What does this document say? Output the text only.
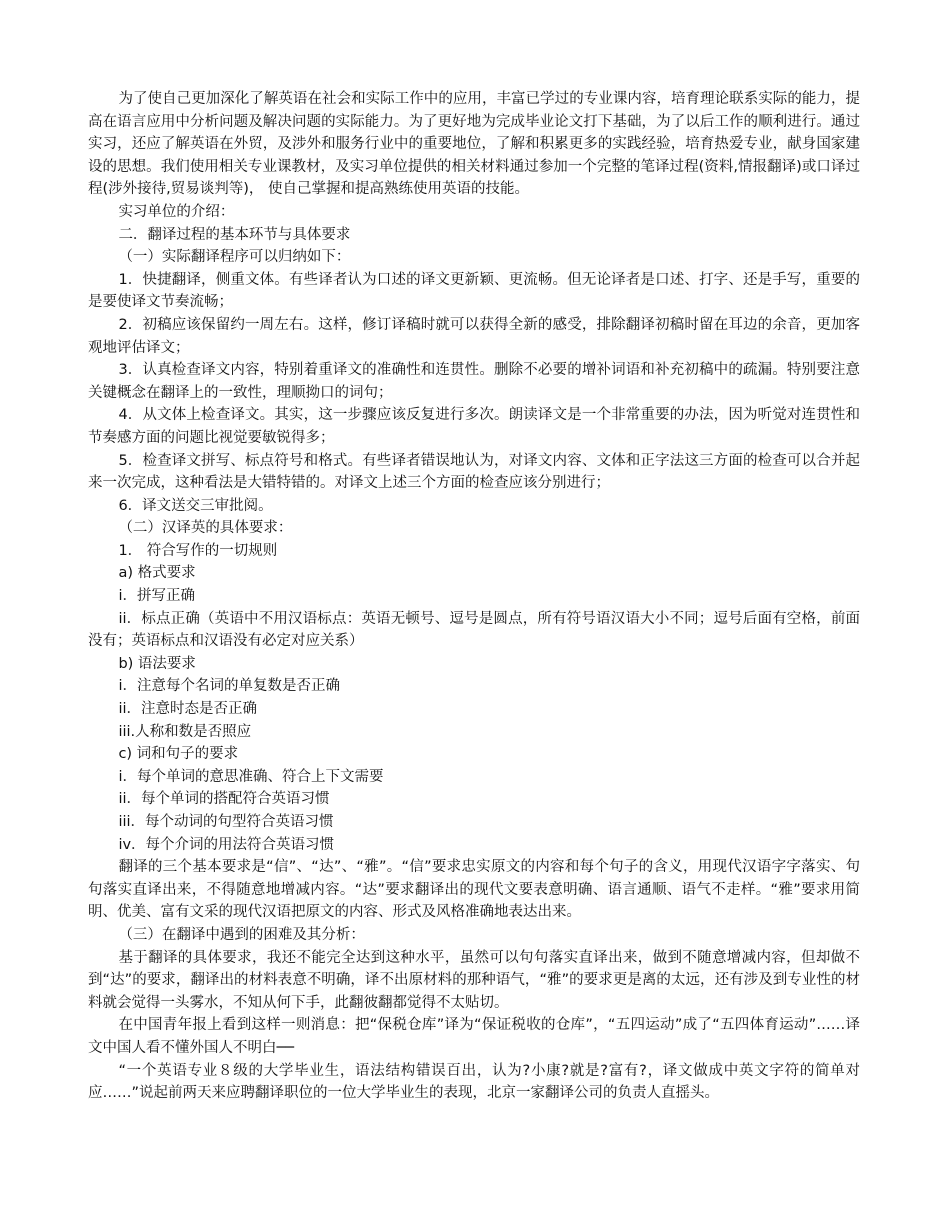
为了使自己更加深化了解英语在社会和实际工作中的应用，丰富已学过的专业课内容，培育理论联系实际的能力，提高在语言应用中分析问题及解决问题的实际能力。为了更好地为完成毕业论文打下基础，为了以后工作的顺利进行。通过实习，还应了解英语在外贸，及涉外和服务行业中的重要地位，了解和积累更多的实践经验，培育热爱专业，献身国家建设的思想。我们使用相关专业课教材，及实习单位提供的相关材料通过参加一个完整的笔译过程(资料,情报翻译)或口译过程(涉外接待,贸易谈判等)， 使自己掌握和提高熟练使用英语的技能。

实习单位的介绍：

二．翻译过程的基本环节与具体要求

（一）实际翻译程序可以归纳如下：

1．快捷翻译，侧重文体。有些译者认为口述的译文更新颖、更流畅。但无论译者是口述、打字、还是手写，重要的是要使译文节奏流畅；

2．初稿应该保留约一周左右。这样，修订译稿时就可以获得全新的感受，排除翻译初稿时留在耳边的余音，更加客观地评估译文；

3．认真检查译文内容，特别着重译文的准确性和连贯性。删除不必要的增补词语和补充初稿中的疏漏。特别要注意关键概念在翻译上的一致性，理顺拗口的词句；

4．从文体上检查译文。其实，这一步骤应该反复进行多次。朗读译文是一个非常重要的办法，因为听觉对连贯性和节奏感方面的问题比视觉要敏锐得多；

5．检查译文拼写、标点符号和格式。有些译者错误地认为，对译文内容、文体和正字法这三方面的检查可以合并起来一次完成，这种看法是大错特错的。对译文上述三个方面的检查应该分别进行；

6．译文送交三审批阅。

（二）汉译英的具体要求：

1． 符合写作的一切规则

a) 格式要求

i．拼写正确

ii．标点正确（英语中不用汉语标点：英语无顿号、逗号是圆点，所有符号语汉语大小不同；逗号后面有空格，前面没有；英语标点和汉语没有必定对应关系）

b) 语法要求

i．注意每个名词的单复数是否正确

ii．注意时态是否正确

iii.人称和数是否照应

c) 词和句子的要求

i．每个单词的意思准确、符合上下文需要

ii．每个单词的搭配符合英语习惯

iii．每个动词的句型符合英语习惯

iv．每个介词的用法符合英语习惯

翻译的三个基本要求是“信”、“达”、“雅”。“信”要求忠实原文的内容和每个句子的含义，用现代汉语字字落实、句句落实直译出来，不得随意地增减内容。“达”要求翻译出的现代文要表意明确、语言通顺、语气不走样。“雅”要求用简明、优美、富有文采的现代汉语把原文的内容、形式及风格准确地表达出来。

（三）在翻译中遇到的困难及其分析：

基于翻译的具体要求，我还不能完全达到这种水平，虽然可以句句落实直译出来，做到不随意增减内容，但却做不到“达”的要求，翻译出的材料表意不明确，译不出原材料的那种语气，“雅”的要求更是离的太远，还有涉及到专业性的材料就会觉得一头雾水，不知从何下手，此翻彼翻都觉得不太贴切。

在中国青年报上看到这样一则消息：把“保税仓库”译为“保证税收的仓库”，“五四运动”成了“五四体育运动”……译文中国人看不懂外国人不明白──

“一个英语专业８级的大学毕业生，语法结构错误百出，认为?小康?就是?富有?，译文做成中英文字符的简单对应……”说起前两天来应聘翻译职位的一位大学毕业生的表现，北京一家翻译公司的负责人直摇头。
